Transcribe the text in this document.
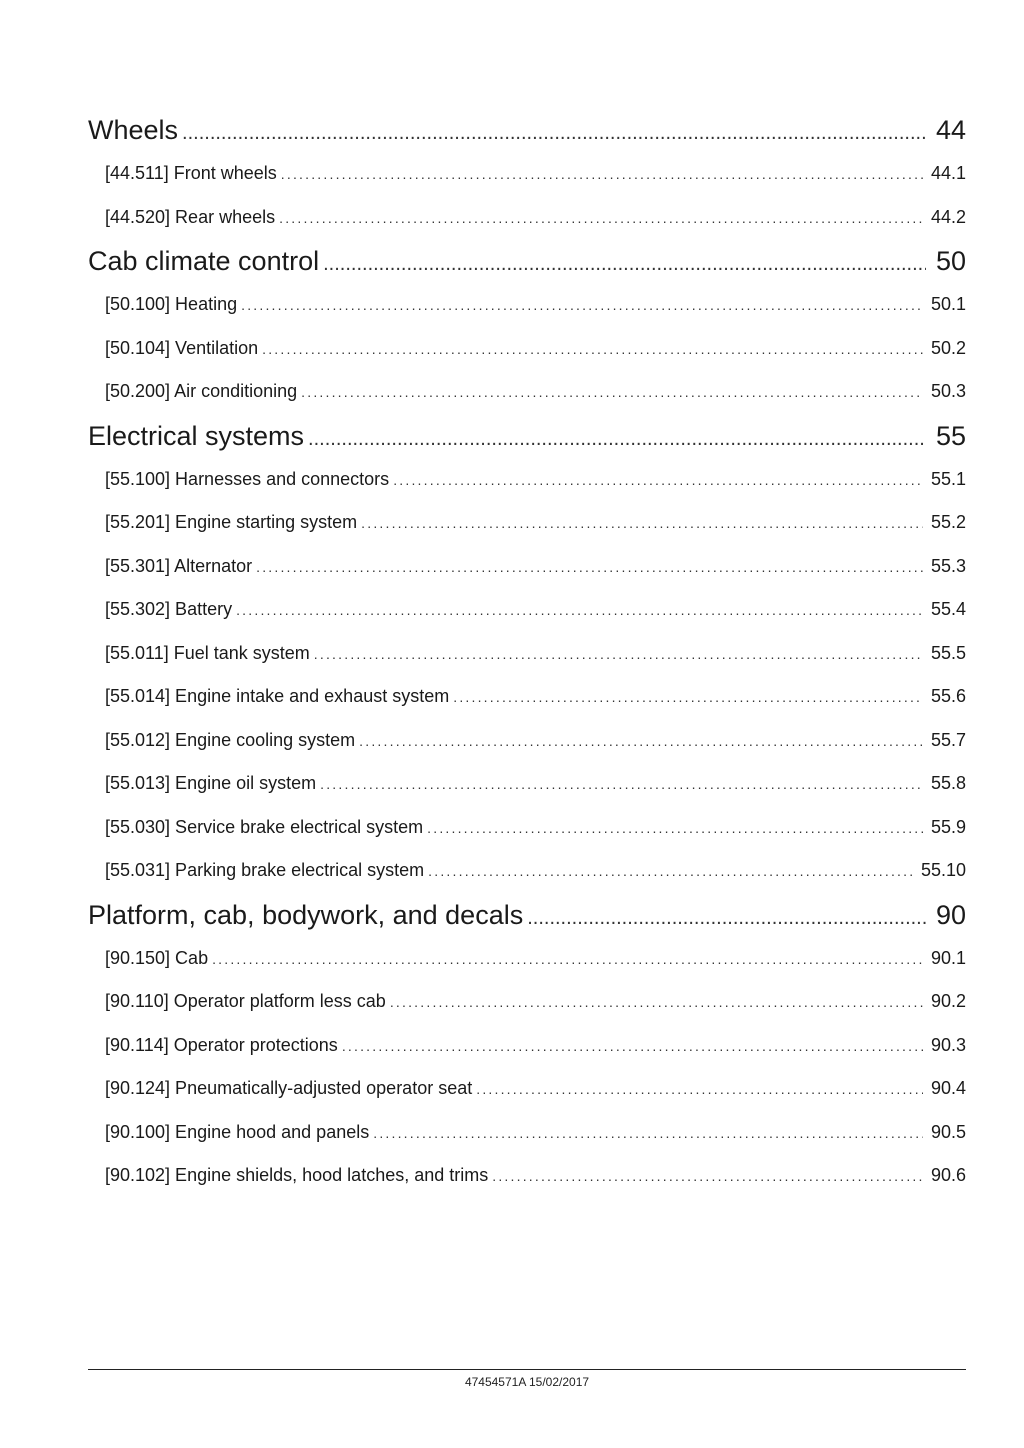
Wheels .....	44
[44.511] Front wheels .....	44.1
[44.520] Rear wheels .....	44.2
Cab climate control .....	50
[50.100] Heating .....	50.1
[50.104] Ventilation .....	50.2
[50.200] Air conditioning .....	50.3
Electrical systems .....	55
[55.100] Harnesses and connectors .....	55.1
[55.201] Engine starting system .....	55.2
[55.301] Alternator .....	55.3
[55.302] Battery .....	55.4
[55.011] Fuel tank system .....	55.5
[55.014] Engine intake and exhaust system .....	55.6
[55.012] Engine cooling system .....	55.7
[55.013] Engine oil system .....	55.8
[55.030] Service brake electrical system .....	55.9
[55.031] Parking brake electrical system .....	55.10
Platform, cab, bodywork, and decals .....	90
[90.150] Cab .....	90.1
[90.110] Operator platform less cab .....	90.2
[90.114] Operator protections .....	90.3
[90.124] Pneumatically-adjusted operator seat .....	90.4
[90.100] Engine hood and panels .....	90.5
[90.102] Engine shields, hood latches, and trims .....	90.6
47454571A 15/02/2017
